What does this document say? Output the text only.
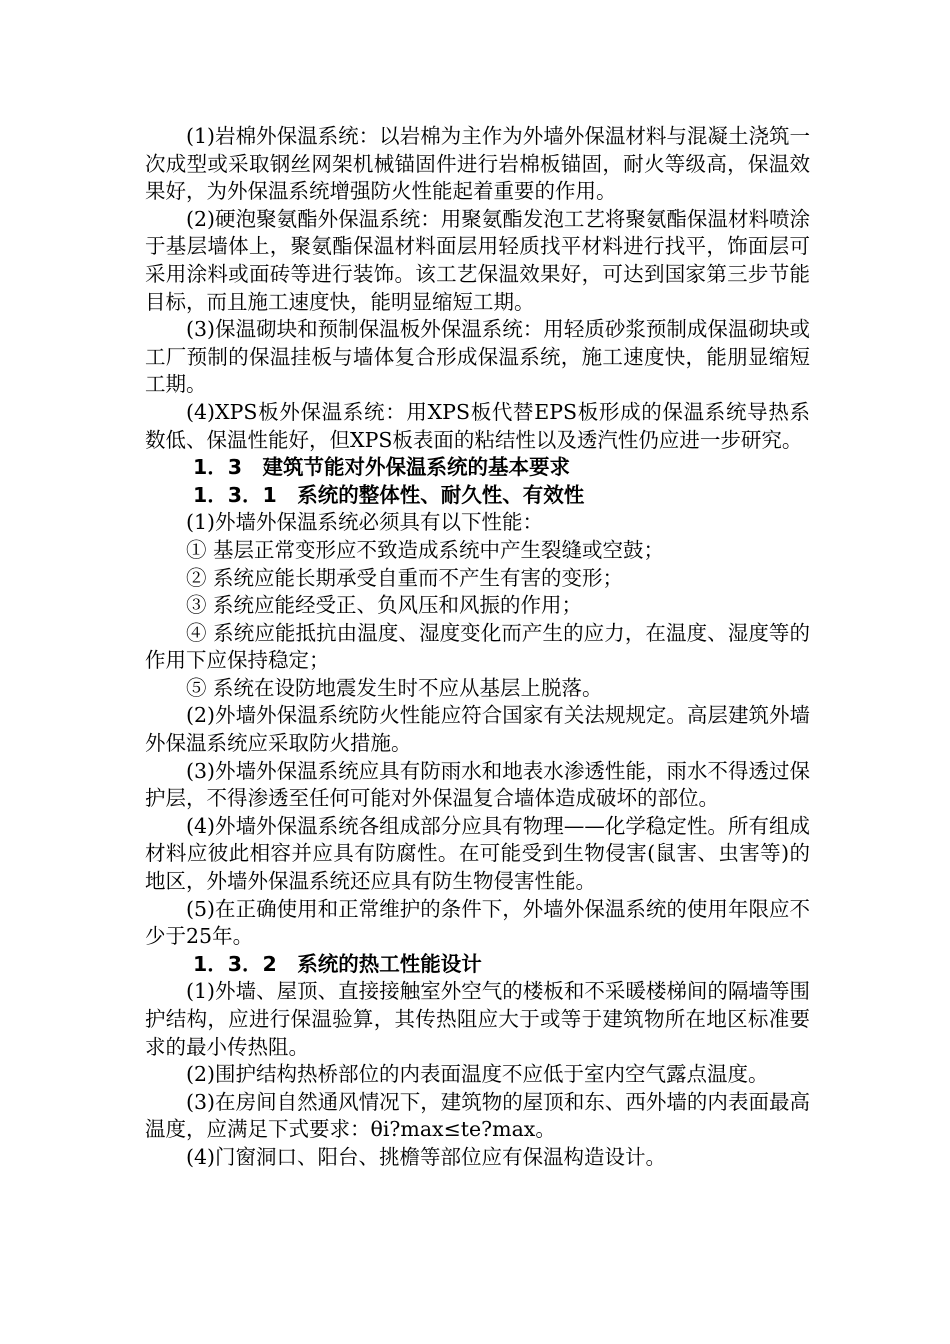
(1)岩棉外保温系统：以岩棉为主作为外墙外保温材料与混凝土浇筑一次成型或采取钢丝网架机械锚固件进行岩棉板锚固，耐火等级高，保温效果好，为外保温系统增强防火性能起着重要的作用。

(2)硬泡聚氨酯外保温系统：用聚氨酯发泡工艺将聚氨酯保温材料喷涂于基层墙体上，聚氨酯保温材料面层用轻质找平材料进行找平，饰面层可采用涂料或面砖等进行装饰。该工艺保温效果好，可达到国家第三步节能目标，而且施工速度快，能明显缩短工期。

(3)保温砌块和预制保温板外保温系统：用轻质砂浆预制成保温砌块或工厂预制的保温挂板与墙体复合形成保温系统，施工速度快，能朋显缩短工期。

(4)XPS板外保温系统：用XPS板代替EPS板形成的保温系统导热系数低、保温性能好，但XPS板表面的粘结性以及透汽性仍应进一步研究。

1．3　建筑节能对外保温系统的基本要求
1．3．1　系统的整体性、耐久性、有效性

(1)外墙外保温系统必须具有以下性能：

① 基层正常变形应不致造成系统中产生裂缝或空鼓；

② 系统应能长期承受自重而不产生有害的变形；

③ 系统应能经受正、负风压和风振的作用；

④ 系统应能抵抗由温度、湿度变化而产生的应力，在温度、湿度等的作用下应保持稳定；

⑤ 系统在设防地震发生时不应从基层上脱落。

(2)外墙外保温系统防火性能应符合国家有关法规规定。高层建筑外墙外保温系统应采取防火措施。

(3)外墙外保温系统应具有防雨水和地表水渗透性能，雨水不得透过保护层，不得渗透至任何可能对外保温复合墙体造成破坏的部位。

(4)外墙外保温系统各组成部分应具有物理——化学稳定性。所有组成材料应彼此相容并应具有防腐性。在可能受到生物侵害(鼠害、虫害等)的地区，外墙外保温系统还应具有防生物侵害性能。

(5)在正确使用和正常维护的条件下，外墙外保温系统的使用年限应不少于25年。

1．3．2　系统的热工性能设计

(1)外墙、屋顶、直接接触室外空气的楼板和不采暖楼梯间的隔墙等围护结构，应进行保温验算，其传热阻应大于或等于建筑物所在地区标准要求的最小传热阻。

(2)围护结构热桥部位的内表面温度不应低于室内空气露点温度。

(3)在房间自然通风情况下，建筑物的屋顶和东、西外墙的内表面最高温度，应满足下式要求：θi?max≤te?max。

(4)门窗洞口、阳台、挑檐等部位应有保温构造设计。
